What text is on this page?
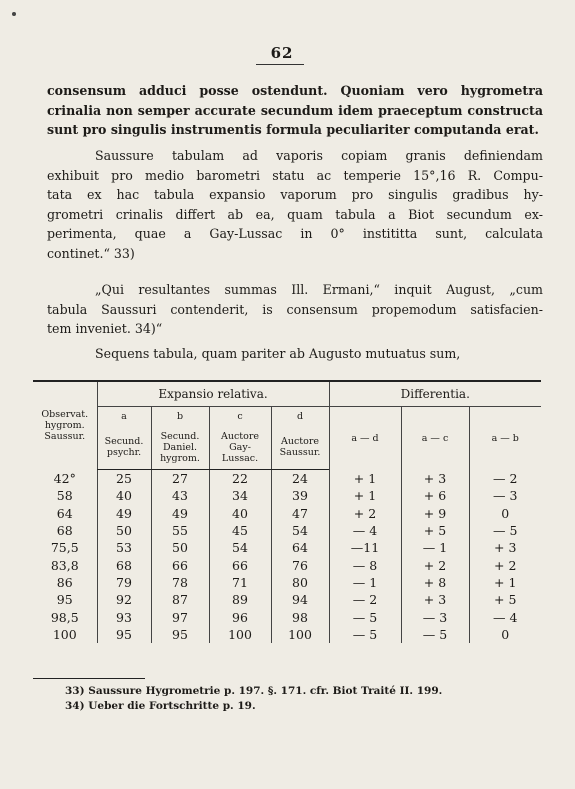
62
consensum adduci posse ostendunt. Quoniam vero hygrometra
crinalia non semper accurate secundum idem praeceptum constructa
sunt pro singulis instrumentis formula peculiariter computanda erat.
Saussure tabulam ad vaporis copiam granis definiendam
exhibuit pro medio barometri statu ac temperie 15°,16 R. Compu-
tata ex hac tabula expansio vaporum pro singulis gradibus hy-
grometri crinalis differt ab ea, quam tabula a Biot secundum ex-
perimenta, quae a Gay-Lussac in 0° instititta sunt, calculata
continet.“ 33)
„Qui resultantes summas Ill. Ermani,“ inquit August, „cum
tabula Saussuri contenderit, is consensum propemodum satisfacien-
tem inveniet. 34)“
Sequens tabula, quam pariter ab Augusto mutuatus sum,
Observat. hygrom. Saussur.	Expansio relativa.				Differentia.		
	a	b	c	d	a — d	a — c	a — b

	Secund. psychr.	Secund. Daniel. hygrom.	Auctore Gay-Lussac.	Auctore Saussur.			

42°	25	27	22	24	+ 1	+ 3	— 2
58	40	43	34	39	+ 1	+ 6	— 3
64	49	49	40	47	+ 2	+ 9	0
68	50	55	45	54	— 4	+ 5	— 5
75,5	53	50	54	64	—11	— 1	+ 3
83,8	68	66	66	76	— 8	+ 2	+ 2
86	79	78	71	80	— 1	+ 8	+ 1
95	92	87	89	94	— 2	+ 3	+ 5
98,5	93	97	96	98	— 5	— 3	— 4
100	95	95	100	100	— 5	— 5	0
33) Saussure Hygrometrie p. 197. §. 171. cfr. Biot Traité II. 199.
34) Ueber die Fortschritte p. 19.
